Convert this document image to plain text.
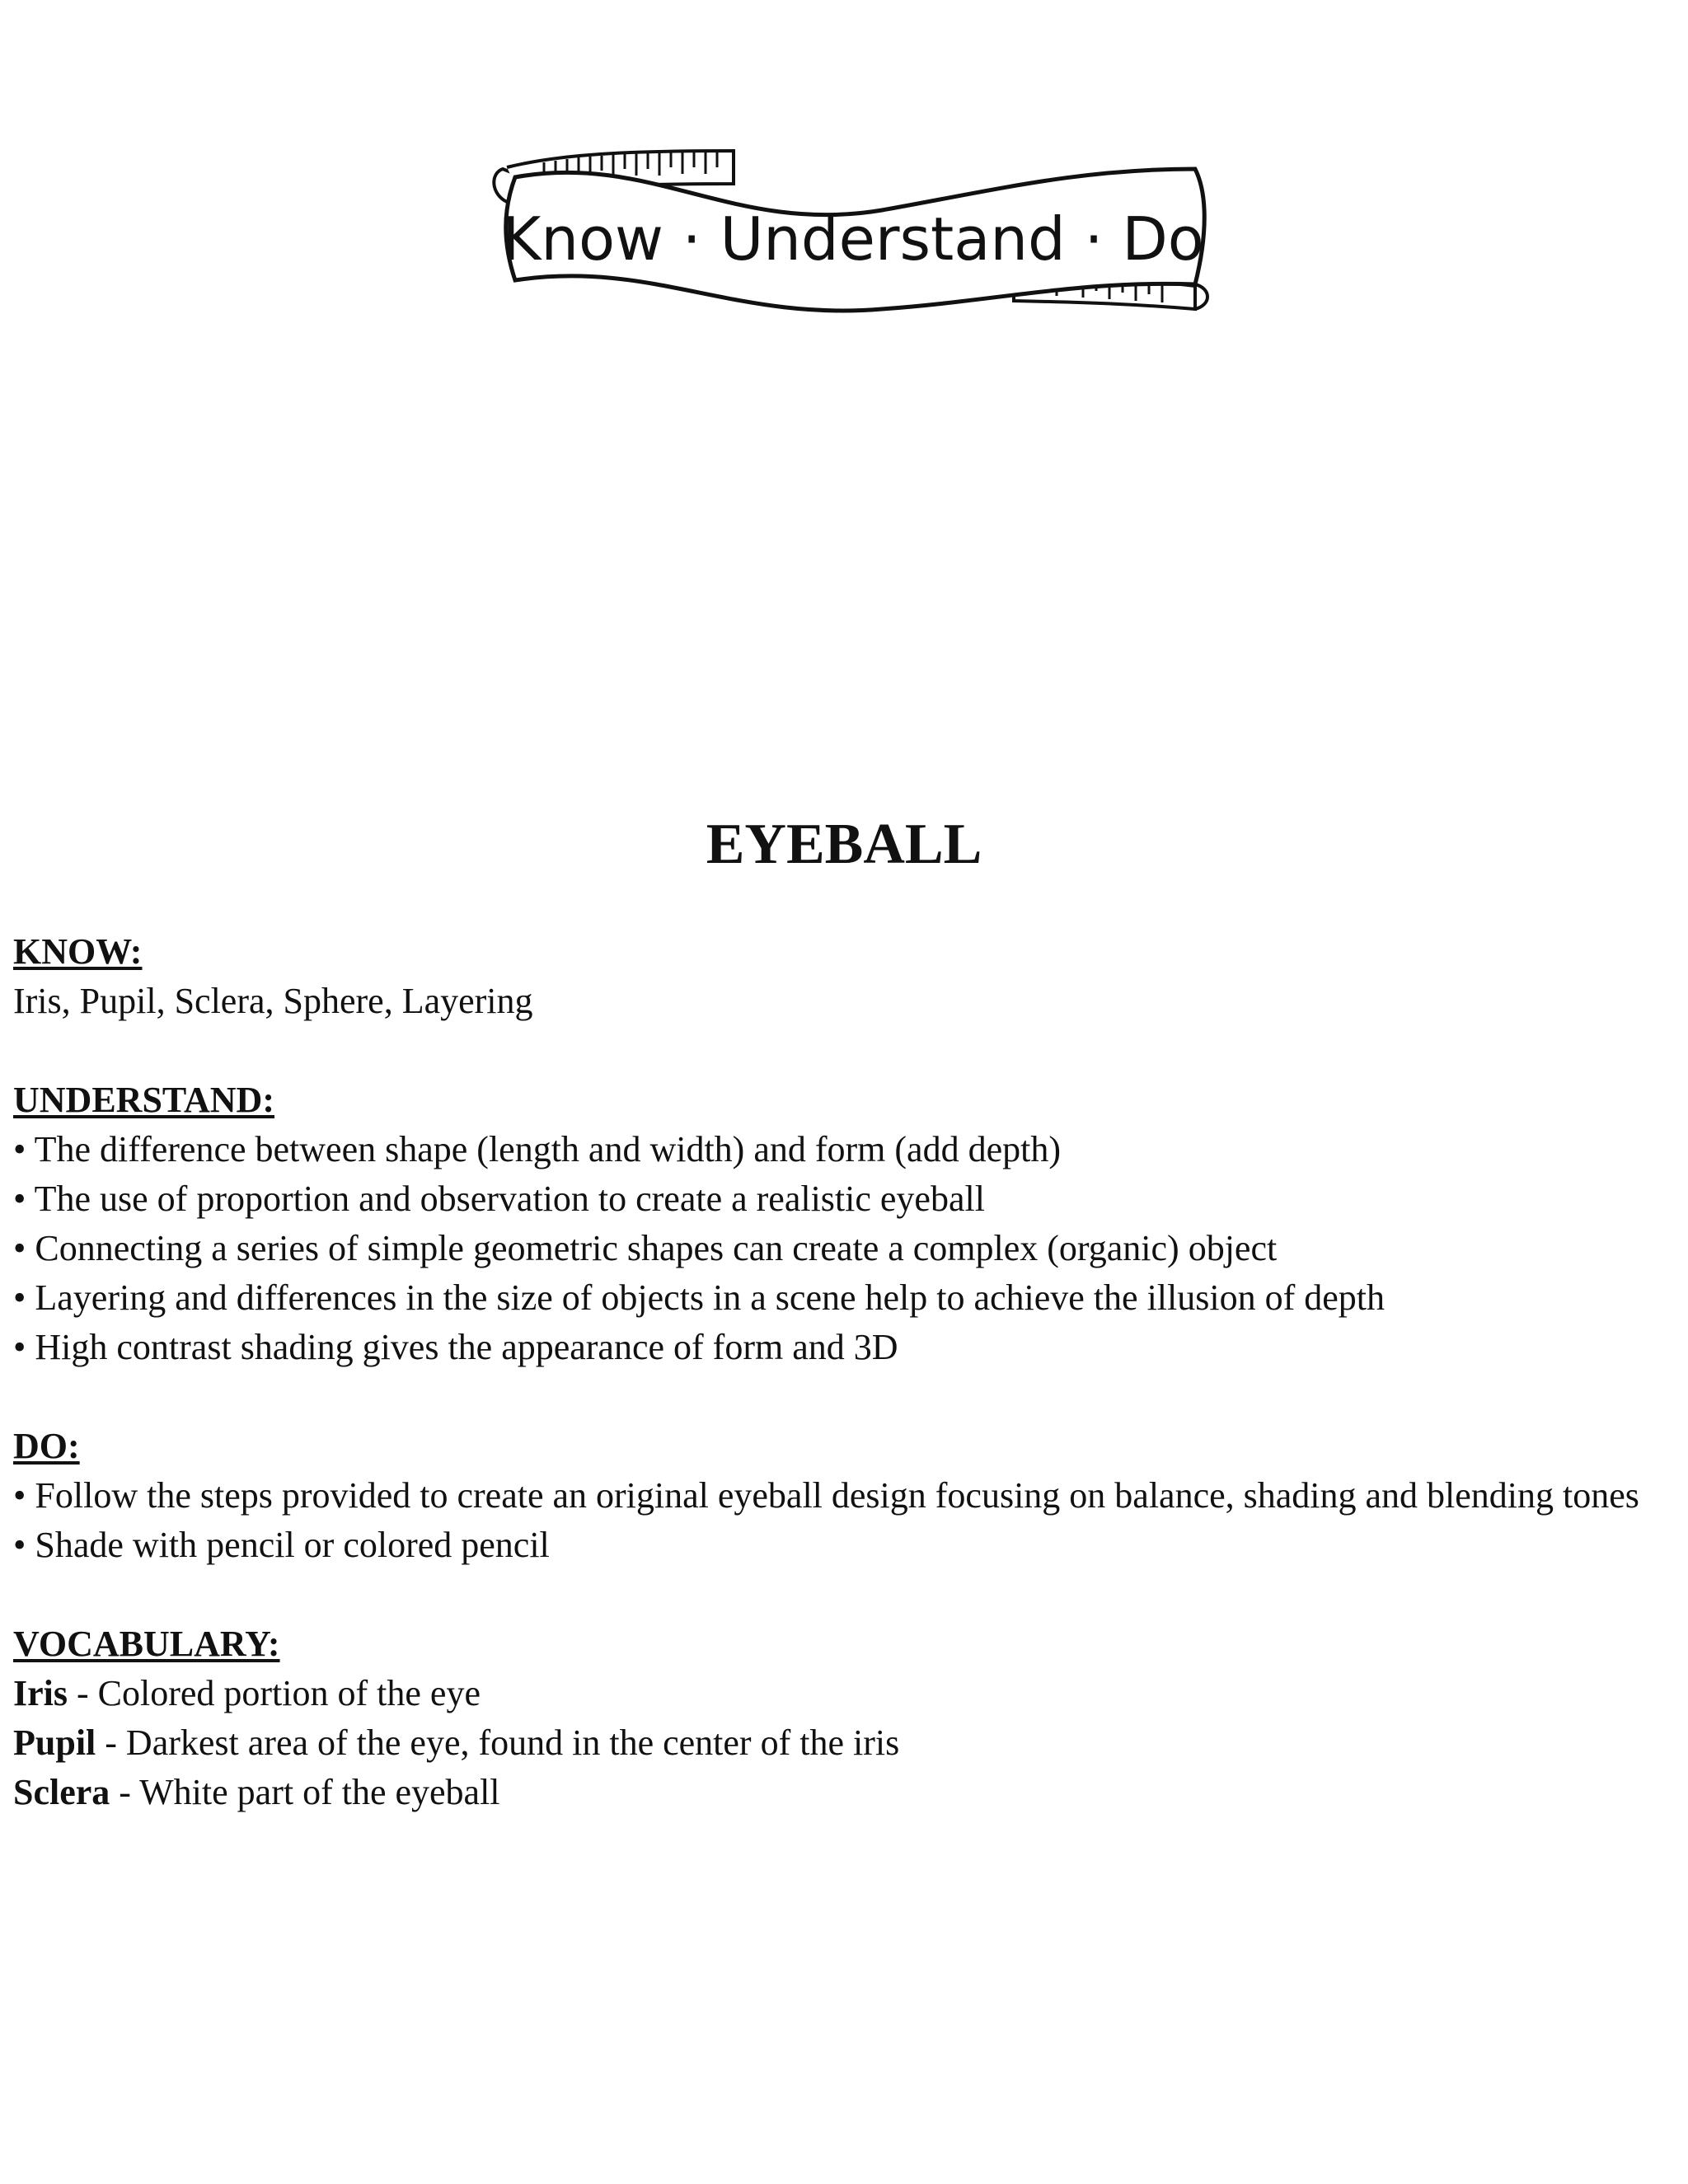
Know · Understand · Do
EYEBALL

KNOW:

Iris, Pupil, Sclera, Sphere, Layering

UNDERSTAND:

• The difference between shape (length and width) and form (add depth)

• The use of proportion and observation to create a realistic eyeball

• Connecting a series of simple geometric shapes can create a complex (organic) object

• Layering and differences in the size of objects in a scene help to achieve the illusion of depth

• High contrast shading gives the appearance of form and 3D

DO:

• Follow the steps provided to create an original eyeball design focusing on balance, shading and blending tones

• Shade with pencil or colored pencil

VOCABULARY:

Iris - Colored portion of the eye

Pupil - Darkest area of the eye, found in the center of the iris

Sclera - White part of the eyeball
